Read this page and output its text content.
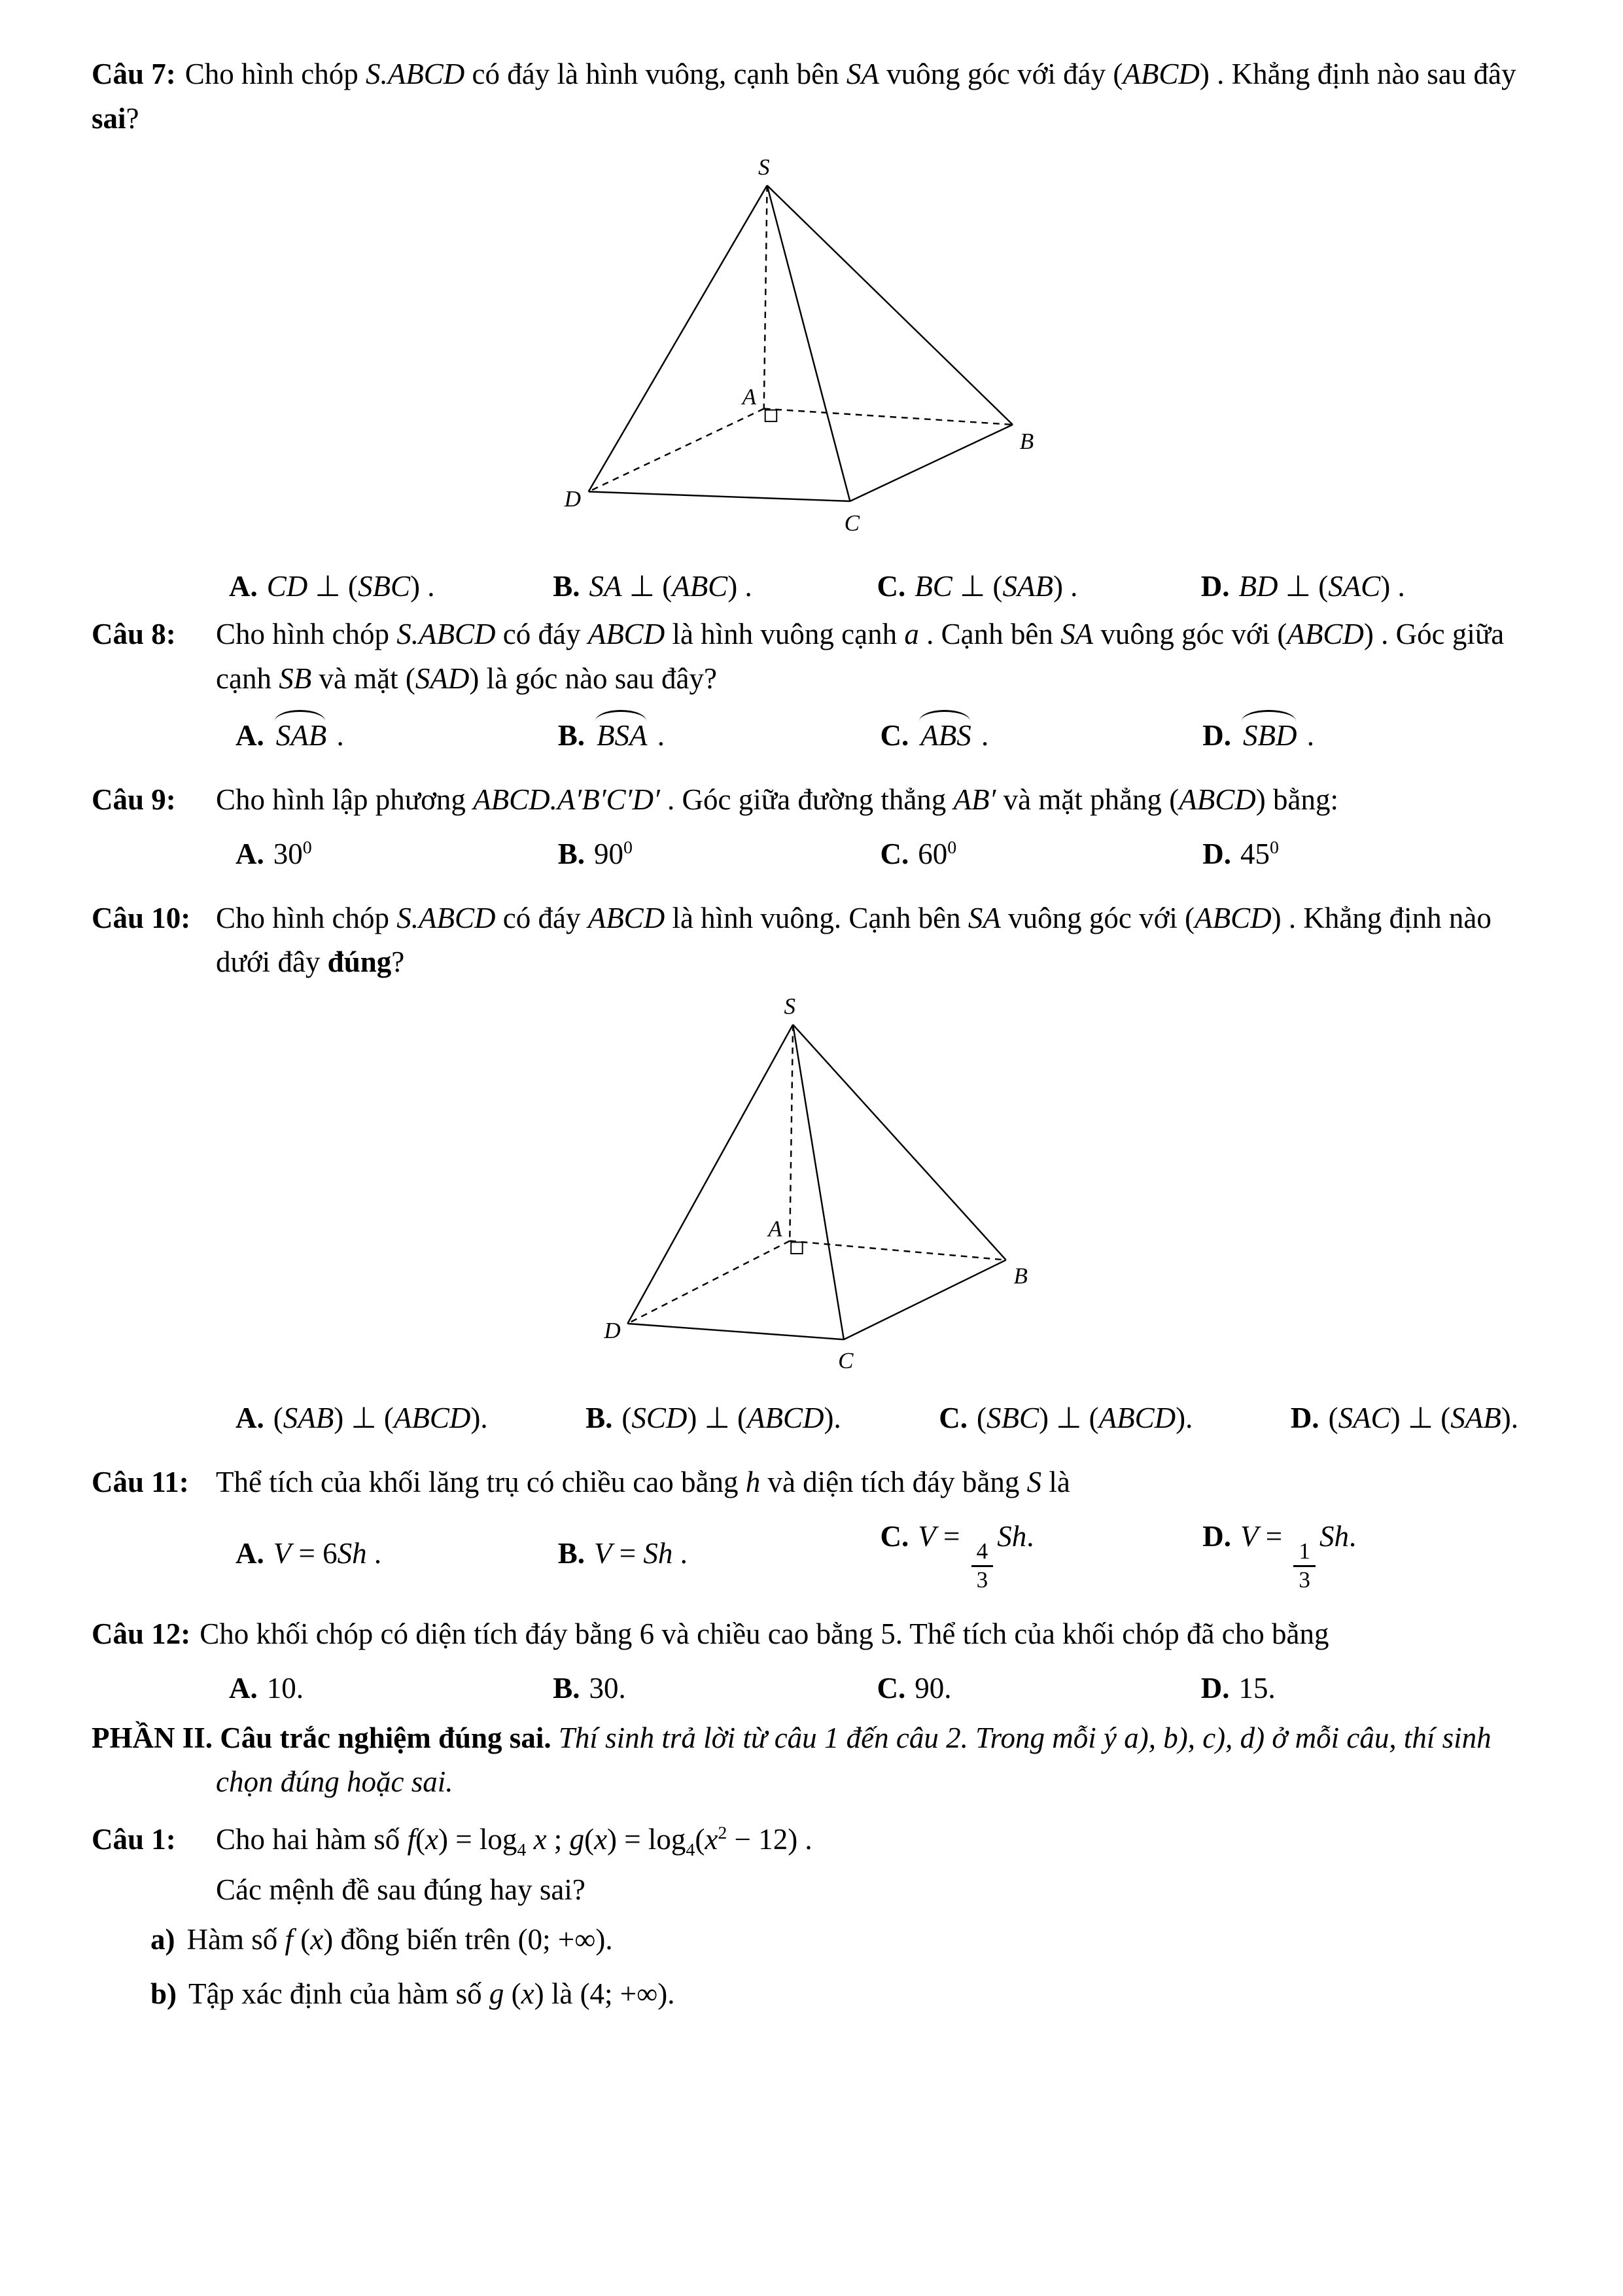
Câu 7: Cho hình chóp S.ABCD có đáy là hình vuông, cạnh bên SA vuông góc với đáy (ABCD) . Khẳng định nào sau đây sai?

S
A
B
C
D
A. CD ⊥ (SBC) .	B. SA ⊥ (ABC) .	C. BC ⊥ (SAB) .	D. BD ⊥ (SAC) .
Câu 8:	Cho hình chóp S.ABCD có đáy ABCD là hình vuông cạnh a . Cạnh bên SA vuông góc với (ABCD) . Góc giữa cạnh SB và mặt (SAD) là góc nào sau đây?
A. SAB .	B. BSA .	C. ABS .	D. SBD .
Câu 9:	Cho hình lập phương ABCD.A′B′C′D′ . Góc giữa đường thẳng AB′ và mặt phẳng (ABCD) bằng:
A. $30^0$	B. $90^0$	C. $60^0$	D. $45^0$
Câu 10: Cho hình chóp S.ABCD có đáy ABCD là hình vuông. Cạnh bên SA vuông góc với (ABCD) . Khẳng định nào dưới đây đúng?
S
A
B
C
D
A. (SAB) ⊥ (ABCD).	B. (SCD) ⊥ (ABCD).	C. (SBC) ⊥ (ABCD).	D. (SAC) ⊥ (SAB).
Câu 11: Thể tích của khối lăng trụ có chiều cao bằng h và diện tích đáy bằng S là
A. V = 6Sh .	B. V = Sh .
C. V =
$\frac{4}{3}$
Sh.	D. V =
$\frac{1}{3}$
Sh.

Câu 12: Cho khối chóp có diện tích đáy bằng 6 và chiều cao bằng 5. Thể tích của khối chóp đã cho bằng

A. 10.	B. 30.	C. 90.	D. 15.

PHẦN II. Câu trắc nghiệm đúng sai. Thí sinh trả lời từ câu 1 đến câu 2. Trong mỗi ý a), b), c), d) ở mỗi câu, thí sinh chọn đúng hoặc sai.

Câu 1:	Cho hai hàm số $f(x) = \log_4 x$ ; $g(x) = \log_4(x^2 - 12)$ .
Các mệnh đề sau đúng hay sai?
a) Hàm số f (x) đồng biến trên (0; +∞).
b) Tập xác định của hàm số g (x) là (4; +∞).
